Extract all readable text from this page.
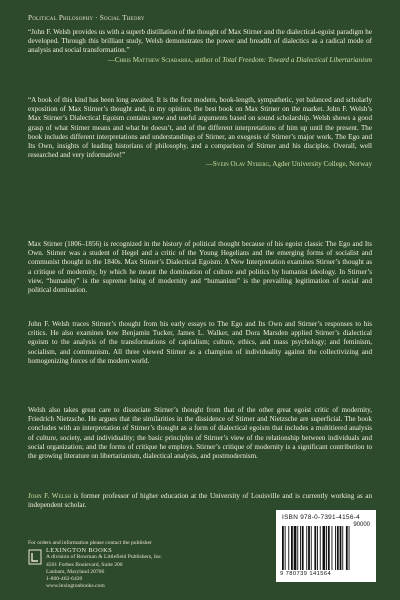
Political Philosophy · Social Theory
“John F. Welsh provides us with a superb distillation of the thought of Max Stirner and the dialectical-egoist paradigm he developed. Through this brilliant study, Welsh demonstrates the power and breadth of dialectics as a radical mode of analysis and social transformation.”
—Chris Matthew Sciabarra, author of Total Freedom: Toward a Dialectical Libertarianism
“A book of this kind has been long awaited. It is the first modern, book-length, sympathetic, yet balanced and scholarly exposition of Max Stirner’s thought and, in my opinion, the best book on Max Stirner on the market. John F. Welsh’s Max Stirner’s Dialectical Egoism contains new and useful arguments based on sound scholarship. Welsh shows a good grasp of what Stirner means and what he doesn’t, and of the different interpretations of him up until the present. The book includes different interpretations and understandings of Stirner, an exegesis of Stirner’s major work, The Ego and Its Own, insights of leading historians of philosophy, and a comparison of Stirner and his disciples. Overall, well researched and very informative!”
—Svein Olav Nyberg, Agder University College, Norway
Max Stirner (1806–1856) is recognized in the history of political thought because of his egoist classic The Ego and Its Own. Stirner was a student of Hegel and a critic of the Young Hegelians and the emerging forms of socialist and communist thought in the 1840s. Max Stirner’s Dialectical Egoism: A New Interpretation examines Stirner’s thought as a critique of modernity, by which he meant the domination of culture and politics by humanist ideology. In Stirner’s view, “humanity” is the supreme being of modernity and “humanism” is the prevailing legitimation of social and political domination.
John F. Welsh traces Stirner’s thought from his early essays to The Ego and Its Own and Stirner’s responses to his critics. He also examines how Benjamin Tucker, James L. Walker, and Dora Marsden applied Stirner’s dialectical egoism to the analysis of the transformations of capitalism; culture, ethics, and mass psychology; and feminism, socialism, and communism. All three viewed Stirner as a champion of individuality against the collectivizing and homogenizing forces of the modern world.
Welsh also takes great care to dissociate Stirner’s thought from that of the other great egoist critic of modernity, Friedrich Nietzsche. He argues that the similarities in the dissidence of Stirner and Nietzsche are superficial. The book concludes with an interpretation of Stirner’s thought as a form of dialectical egoism that includes a multitiered analysis of culture, society, and individuality; the basic principles of Stirner’s view of the relationship between individuals and social organization; and the forms of critique he employs. Stirner’s critique of modernity is a significant contribution to the growing literature on libertarianism, dialectical analysis, and postmodernism.
John F. Welsh is former professor of higher education at the University of Louisville and is currently working as an independent scholar.
For orders and information please contact the publisher
LEXINGTON BOOKS
A division of Rowman & Littlefield Publishers, Inc.
4501 Forbes Boulevard, Suite 200
Lanham, Maryland 20706
1-800-462-6420
www.lexingtonbooks.com
ISBN 978-0-7391-4156-4
90000
9 780739 141564
